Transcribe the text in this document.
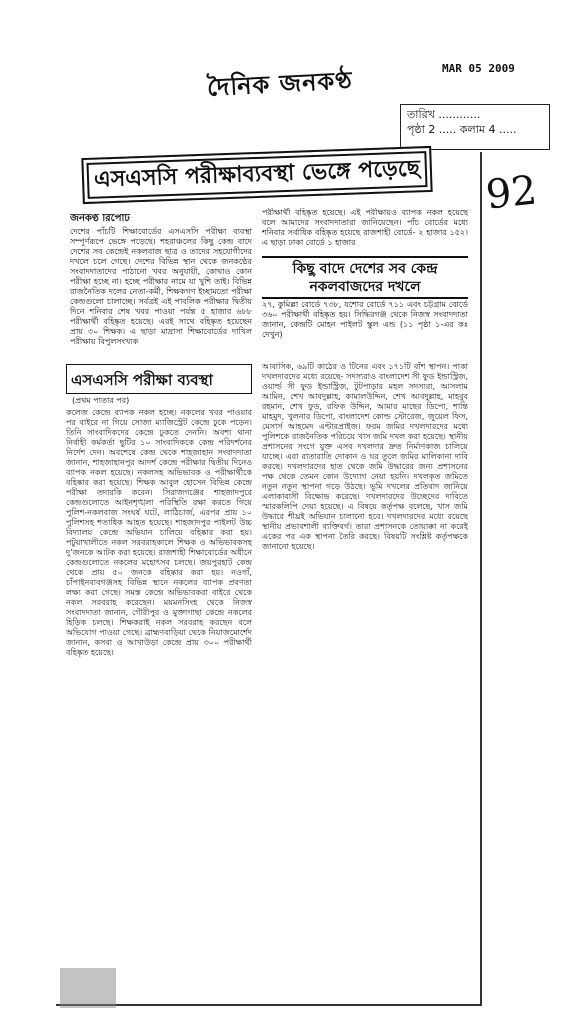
দৈনিক জনকণ্ঠ	MAR 05 2009
তারিখ ............
পৃষ্ঠা 2 ..... কলাম 4 .....
92
এসএসসি পরীক্ষাব্যবস্থা ভেঙ্গে পড়েছে
জনকণ্ঠ রিপোর্ট
দেশের পাঁচটি শিক্ষাবোর্ডের এসএসসি পরীক্ষা ব্যবস্থা সম্পূর্ণরূপে ভেঙ্গে পড়েছে। শহরাঞ্চলের কিছু কেন্দ্র বাদে দেশের সব কেন্দ্রেই নকলবাজ ছাত্র ও তাদের সহযোগীদের দখলে চলে গেছে। দেশের বিভিন্ন স্থান থেকে জনকণ্ঠের সংবাদদাতাদের পাঠানো খবর অনুযায়ী, কোথাও কোন পরীক্ষা হচ্ছে না। হচ্ছে পরীক্ষার নামে যা খুশি তাই। বিভিন্ন রাজনৈতিক দলের নেতা-কর্মী, শিক্ষকগণ ইচ্ছামতো পরীক্ষা কেন্দ্রগুলো চালাচ্ছে। সর্বত্রই এই পাবলিক পরীক্ষার দ্বিতীয় দিনে শনিবার শেষ খবর পাওয়া পর্যন্ত ৫ হাজার ৬৮৮ পরীক্ষার্থী বহিষ্কৃত হয়েছে। এরই সাথে বহিষ্কৃত হয়েছেন প্রায় ৩০ শিক্ষক। এ ছাড়া মাদ্রাসা শিক্ষাবোর্ডের দাখিল পরীক্ষায় বিপুলসংখ্যক
পরীক্ষার্থী বহিষ্কৃত হয়েছে। এই পরীক্ষায়ও ব্যাপক নকল হয়েছে বলে আমাদের সংবাদদাতারা জানিয়েছেন। পাঁচ বোর্ডের মধ্যে শনিবার সর্বাধিক বহিষ্কৃত হয়েছে রাজশাহী বোর্ডে- ২ হাজার ১৫২। এ ছাড়া ঢাকা বোর্ডে ১ হাজার
কিছু বাদে দেশের সব কেন্দ্র নকলবাজদের দখলে
২৭, কুমিল্লা বোর্ডে ৭৩৮, যশোর বোর্ডে ৭১১ এবং চট্টগ্রাম বোর্ডে ৩৬০ পরীক্ষার্থী বহিষ্কৃত হয়। সিদ্ধিরগঞ্জ থেকে নিজস্ব সংবাদদাতা জানান, কেন্দ্রটি মোহন পাইলট স্কুল এন্ড (১১ পৃষ্ঠা ১-এর কঃ দেখুন)
এসএসসি পরীক্ষা ব্যবস্থা
(প্রথম পাতার পর)
কলেজ কেন্দ্রে ব্যাপক নকল হচ্ছে। নকলের খবর পাওয়ার পর বাইরে না গিয়ে সোজা ম্যাজিস্ট্রেট কেন্দ্রে ঢুকে পড়েন। তিনি সাংবাদিকদের কেন্দ্রে ঢুকতে দেননি। অবশ্য থানা নির্বাহী কর্মকর্তা ছুটির ১০ সাংবাদিককে কেন্দ্র পরিদর্শনের নির্দেশ দেন। অবশেষে কেন্দ্র থেকে শাহজাহান সংবাদদাতা জানান, শাহজাহানপুর আদর্শ কেন্দ্রে পরীক্ষার দ্বিতীয় দিনেও ব্যাপক নকল হয়েছে। নকলসহ অভিভাবক ও পরীক্ষার্থীকে বহিষ্কার করা হয়েছে। শিক্ষক আবুল হোসেন বিভিন্ন কেন্দ্রে পরীক্ষা তদারকি করেন। সিরাজগঞ্জের শাহজাদপুরে কেন্দ্রগুলোতে আইনশৃঙ্খলা পরিস্থিতি রক্ষা করতে গিয়ে পুলিশ-নকলবাজ সংঘর্ষ ঘটে, লাঠিচার্জ, এরপর প্রায় ১০ পুলিশসহ শতাধিক আহত হয়েছে। শাহজাদপুর পাইলট উচ্চ বিদ্যালয় কেন্দ্রে অভিযান চালিয়ে বহিষ্কার করা হয়। পটুয়াখালীতে নকল সরবরাহকালে শিক্ষক ও অভিভাবকসহ দু’জনকে আটক করা হয়েছে। রাজশাহী শিক্ষাবোর্ডের অধীনে কেন্দ্রগুলোতে নকলের মহোৎসব চলছে। জয়পুরহাট কেন্দ্র থেকে প্রায় ৫০ জনকে বহিষ্কার করা হয়। নওগাঁ, চাঁপাইনবাবগঞ্জসহ বিভিন্ন স্থানে নকলের ব্যাপক প্রবণতা লক্ষ্য করা গেছে। সমস্ত কেন্দ্রে অভিভাবকরা বাইরে থেকে নকল সরবরাহ করেছেন। ময়মনসিংহ থেকে নিজস্ব সংবাদদাতা জানান, গৌরীপুর ও মুক্তাগাছা কেন্দ্রে নকলের হিড়িক চলছে। শিক্ষকরাই নকল সরবরাহ করছেন বলে অভিযোগ পাওয়া গেছে। ব্রাহ্মণবাড়িয়া থেকে নিয়াজমোর্শেদ জানান, কসবা ও আখাউড়া কেন্দ্রে প্রায় ৩০০ পরীক্ষার্থী বহিষ্কৃত হয়েছে।
আবাসিক, ৬৯টি কাঠের ও টিনের এবং ১৭১টি বাঁশ স্থাপন। পাকা দখলদারদের মধ্যে রয়েছে- সদস্যরাও বাংলাদেশ সী ফুড ইন্ডাস্ট্রিজ, ওয়ার্ল্ড সী ফুড ইন্ডাস্ট্রিজ, টুটপাড়ার মহল সদস্যরা, আসলাম আমিন, শেখ আবদুল্লাহ, কামালউদ্দিন, শেখ আবদুল্লাহ, মাহবুব রহমান, শেখ ফুড, রফিক উদ্দিন, আমার মাছের ডিপো, শান্তি মাহমুদ, খুলনার ডিপো, বাংলাদেশ কোল্ড স্টোরেজ, জুয়েল ফিস, মেসার্স আহমেদ এন্টারপ্রাইজ। ফরম জমির দখলদারদের মধ্যে পুলিশকে রাজনৈতিক পরিচয়ে খাস জমি দখল করা হয়েছে। স্থানীয় প্রশাসনের সংগে যুক্ত এসব দখলদার দ্রুত নির্মাণকাজ চালিয়ে যাচ্ছে। এরা রাতারাতি দোকান ও ঘর তুলে জমির মালিকানা দাবি করছে। দখলদারদের হাত থেকে জমি উদ্ধারের জন্য প্রশাসনের পক্ষ থেকে তেমন কোন উদ্যোগ নেয়া হয়নি। দখলকৃত জমিতে নতুন নতুন স্থাপনা গড়ে উঠছে। ভূমি দখলের প্রতিবাদ জানিয়ে এলাকাবাসী বিক্ষোভ করেছে। দখলদারদের উচ্ছেদের দাবিতে স্মারকলিপি দেয়া হয়েছে। এ বিষয়ে কর্তৃপক্ষ বলেছে, খাস জমি উদ্ধারে শীঘ্রই অভিযান চালানো হবে। দখলদারদের মধ্যে রয়েছে স্থানীয় প্রভাবশালী ব্যক্তিবর্গ। তারা প্রশাসনকে তোয়াক্কা না করেই একের পর এক স্থাপনা তৈরি করছে। বিষয়টি সংশ্লিষ্ট কর্তৃপক্ষকে জানানো হয়েছে।
